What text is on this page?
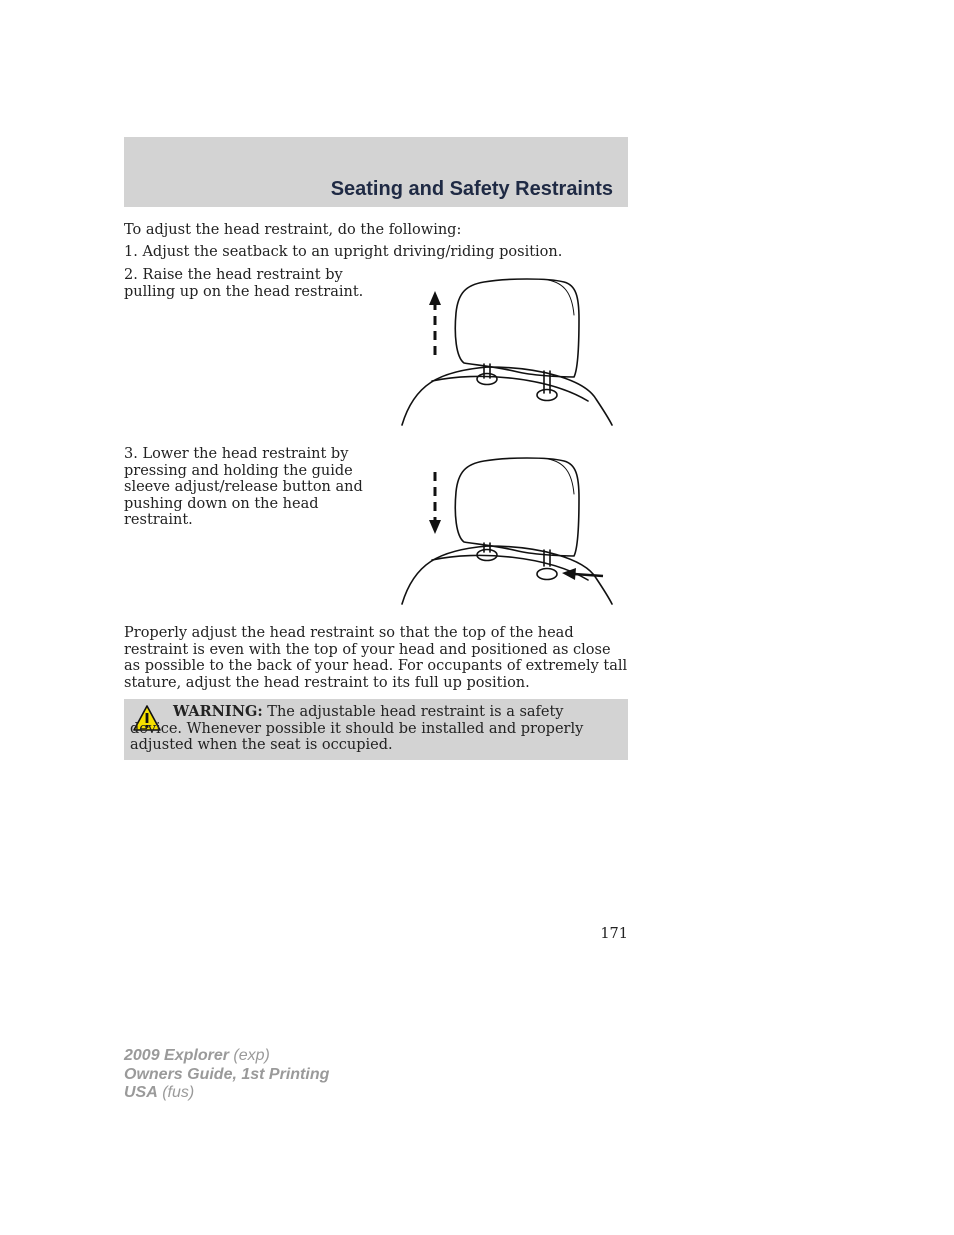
Seating and Safety Restraints

To adjust the head restraint, do the following:

1. Adjust the seatback to an upright driving/riding position.

2. Raise the head restraint by pulling up on the head restraint.

3. Lower the head restraint by pressing and holding the guide sleeve adjust/release button and pushing down on the head restraint.

Properly adjust the head restraint so that the top of the head restraint is even with the top of your head and positioned as close as possible to the back of your head. For occupants of extremely tall stature, adjust the head restraint to its full up position.

WARNING: The adjustable head restraint is a safety device. Whenever possible it should be installed and properly adjusted when the seat is occupied.

171

2009 Explorer (exp)
Owners Guide, 1st Printing
USA (fus)
